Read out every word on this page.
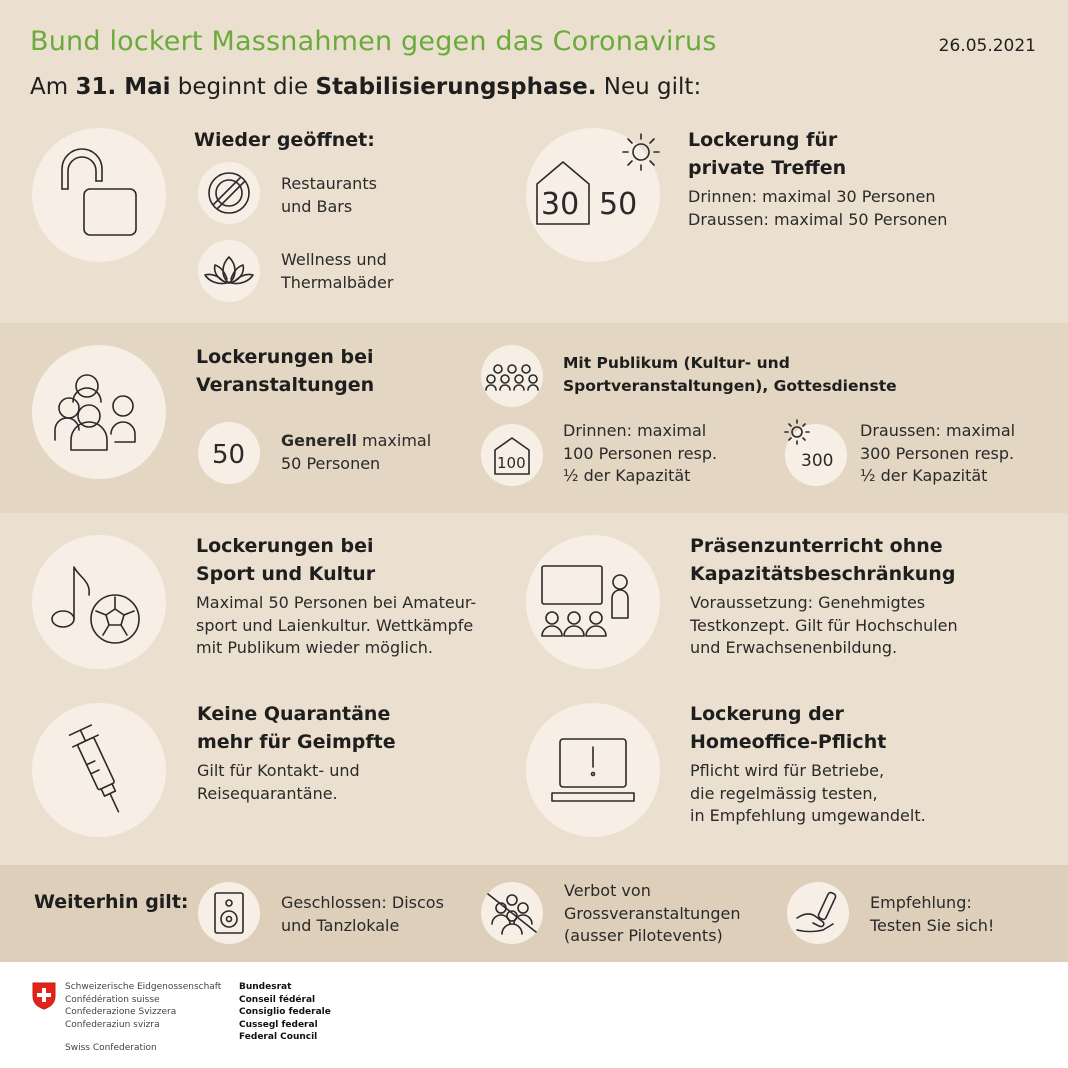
Bund lockert Massnahmen gegen das Coronavirus	26.05.2021
Am 31. Mai beginnt die Stabilisierungsphase. Neu gilt:
Wieder geöffnet:
Restaurants
und Bars
Wellness und
Thermalbäder
30 50
Lockerung für
private Treffen
Drinnen: maximal 30 Personen
Draussen: maximal 50 Personen
Lockerungen bei
Veranstaltungen
50 Generell maximal
50 Personen
Mit Publikum (Kultur- und
Sportveranstaltungen), Gottesdienste
100
Drinnen: maximal
100 Personen resp.
½ der Kapazität
300
Draussen: maximal
300 Personen resp.
½ der Kapazität
Lockerungen bei
Sport und Kultur
Maximal 50 Personen bei Amateur-
sport und Laienkultur. Wettkämpfe
mit Publikum wieder möglich.
Präsenzunterricht ohne
Kapazitätsbeschränkung
Voraussetzung: Genehmigtes
Testkonzept. Gilt für Hochschulen
und Erwachsenenbildung.
Keine Quarantäne
mehr für Geimpfte
Gilt für Kontakt- und
Reisequarantäne.
Lockerung der
Homeoffice-Pflicht
Pflicht wird für Betriebe,
die regelmässig testen,
in Empfehlung umgewandelt.
Weiterhin gilt:	Geschlossen: Discos
und Tanzlokale
Verbot von
Grossveranstaltungen
(ausser Pilotevents)
Empfehlung:
Testen Sie sich!
Schweizerische Eidgenossenschaft
Confédération suisse
Confederazione Svizzera
Confederaziun svizra
Swiss Confederation
Bundesrat
Conseil fédéral
Consiglio federale
Cussegl federal
Federal Council
